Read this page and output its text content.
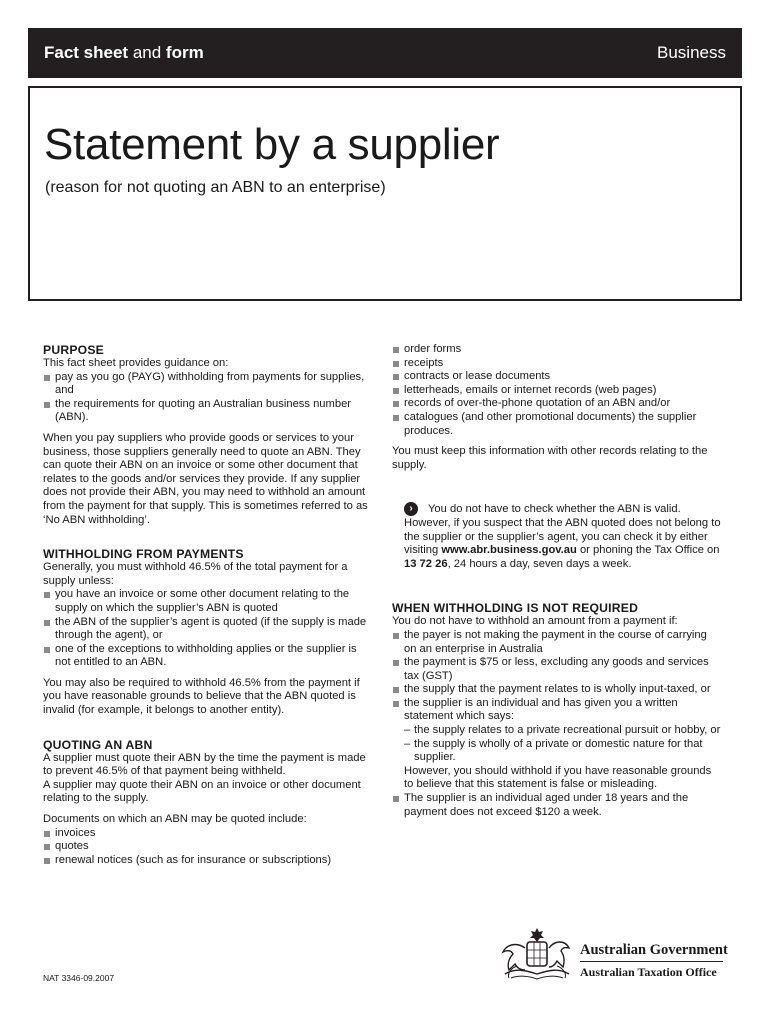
Fact sheet and form	Business
Statement by a supplier
(reason for not quoting an ABN to an enterprise)
PURPOSE

This fact sheet provides guidance on:

pay as you go (PAYG) withholding from payments for supplies, and
the requirements for quoting an Australian business number (ABN).

When you pay suppliers who provide goods or services to your business, those suppliers generally need to quote an ABN. They can quote their ABN on an invoice or some other document that relates to the goods and/or services they provide. If any supplier does not provide their ABN, you may need to withhold an amount from the payment for that supply. This is sometimes referred to as ‘No ABN withholding’.

WITHHOLDING FROM PAYMENTS

Generally, you must withhold 46.5% of the total payment for a supply unless:

you have an invoice or some other document relating to the supply on which the supplier’s ABN is quoted
the ABN of the supplier’s agent is quoted (if the supply is made through the agent), or
one of the exceptions to withholding applies or the supplier is not entitled to an ABN.

You may also be required to withhold 46.5% from the payment if you have reasonable grounds to believe that the ABN quoted is invalid (for example, it belongs to another entity).

QUOTING AN ABN

A supplier must quote their ABN by the time the payment is made to prevent 46.5% of that payment being withheld.

A supplier may quote their ABN on an invoice or other document relating to the supply.

Documents on which an ABN may be quoted include:

invoices
quotes
renewal notices (such as for insurance or subscriptions)
order forms
receipts
contracts or lease documents
letterheads, emails or internet records (web pages)
records of over-the-phone quotation of an ABN and/or
catalogues (and other promotional documents) the supplier produces.

You must keep this information with other records relating to the supply.

›	You do not have to check whether the ABN is valid.

However, if you suspect that the ABN quoted does not belong to the supplier or the supplier’s agent, you can check it by either visiting www.abr.business.gov.au or phoning the Tax Office on 13 72 26, 24 hours a day, seven days a week.

WHEN WITHHOLDING IS NOT REQUIRED

You do not have to withhold an amount from a payment if:

the payer is not making the payment in the course of carrying on an enterprise in Australia
the payment is $75 or less, excluding any goods and services tax (GST)
the supply that the payment relates to is wholly input-taxed, or
the supplier is an individual and has given you a written statement which says:
– the supply relates to a private recreational pursuit or hobby, or
– the supply is wholly of a private or domestic nature for that supplier.

However, you should withhold if you have reasonable grounds to believe that this statement is false or misleading.

The supplier is an individual aged under 18 years and the payment does not exceed $120 a week.
NAT 3346-09.2007
Australian Government
Australian Taxation Office
